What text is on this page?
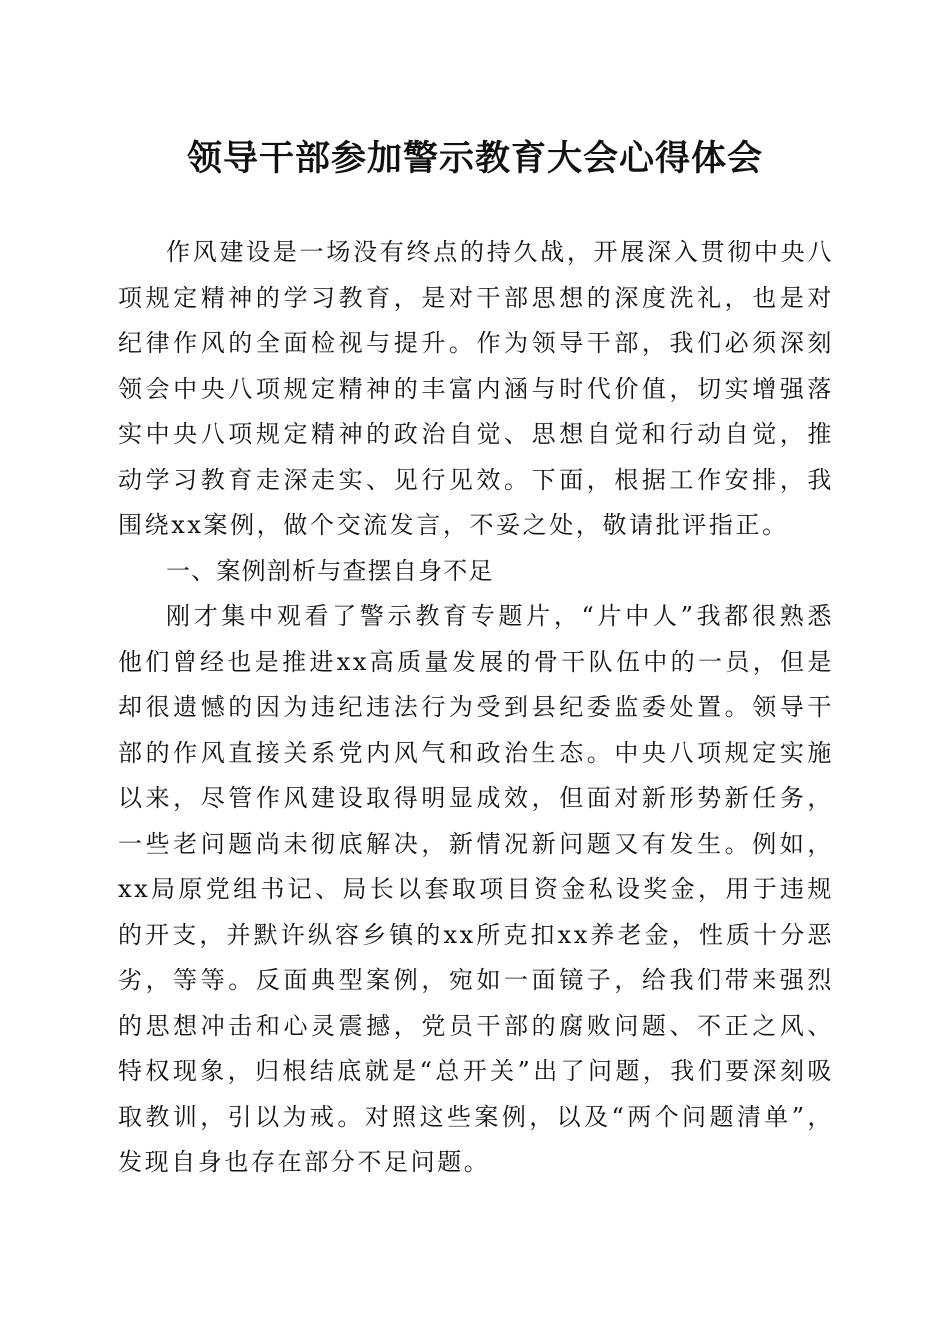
领导干部参加警示教育大会心得体会

作风建设是一场没有终点的持久战，开展深入贯彻中央八项规定精神的学习教育，是对干部思想的深度洗礼，也是对纪律作风的全面检视与提升。作为领导干部，我们必须深刻领会中央八项规定精神的丰富内涵与时代价值，切实增强落实中央八项规定精神的政治自觉、思想自觉和行动自觉，推动学习教育走深走实、见行见效。下面，根据工作安排，我围绕xx案例，做个交流发言，不妥之处，敬请批评指正。

一、案例剖析与查摆自身不足

刚才集中观看了警示教育专题片，“片中人”我都很熟悉他们曾经也是推进xx高质量发展的骨干队伍中的一员，但是却很遗憾的因为违纪违法行为受到县纪委监委处置。领导干部的作风直接关系党内风气和政治生态。中央八项规定实施以来，尽管作风建设取得明显成效，但面对新形势新任务，一些老问题尚未彻底解决，新情况新问题又有发生。例如，xx局原党组书记、局长以套取项目资金私设奖金，用于违规的开支，并默许纵容乡镇的xx所克扣xx养老金，性质十分恶劣，等等。反面典型案例，宛如一面镜子，给我们带来强烈的思想冲击和心灵震撼，党员干部的腐败问题、不正之风、特权现象，归根结底就是“总开关”出了问题，我们要深刻吸取教训，引以为戒。对照这些案例，以及“两个问题清单”，发现自身也存在部分不足问题。
